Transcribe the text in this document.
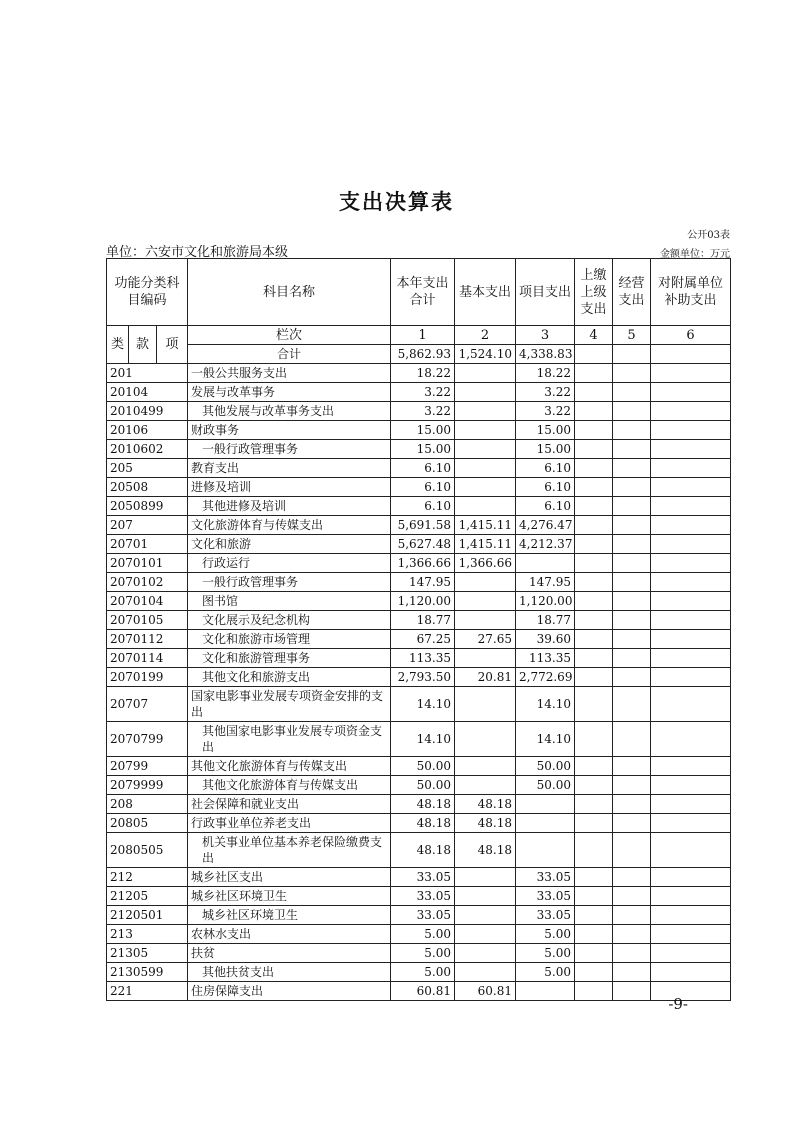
支出决算表
公开03表
单位：六安市文化和旅游局本级	金额单位：万元
功能分类科目编码			科目名称	本年支出合计	基本支出	项目支出	上缴上级支出	经营支出	对附属单位补助支出
类	款	项	栏次	1	2	3	4	5	6
			合计	5,862.93	1,524.10	4,338.83			
201			一般公共服务支出	18.22		18.22			
20104			发展与改革事务	3.22		3.22			
2010499			其他发展与改革事务支出	3.22		3.22			
20106			财政事务	15.00		15.00			
2010602			一般行政管理事务	15.00		15.00			
205			教育支出	6.10		6.10			
20508			进修及培训	6.10		6.10			
2050899			其他进修及培训	6.10		6.10			
207			文化旅游体育与传媒支出	5,691.58	1,415.11	4,276.47			
20701			文化和旅游	5,627.48	1,415.11	4,212.37			
2070101			行政运行	1,366.66	1,366.66				
2070102			一般行政管理事务	147.95		147.95			
2070104			图书馆	1,120.00		1,120.00			
2070105			文化展示及纪念机构	18.77		18.77			
2070112			文化和旅游市场管理	67.25	27.65	39.60			
2070114			文化和旅游管理事务	113.35		113.35			
2070199			其他文化和旅游支出	2,793.50	20.81	2,772.69			
20707			国家电影事业发展专项资金安排的支出	14.10		14.10			
2070799			其他国家电影事业发展专项资金支出	14.10		14.10			
20799			其他文化旅游体育与传媒支出	50.00		50.00			
2079999			其他文化旅游体育与传媒支出	50.00		50.00			
208			社会保障和就业支出	48.18	48.18				
20805			行政事业单位养老支出	48.18	48.18				
2080505			机关事业单位基本养老保险缴费支出	48.18	48.18				
212			城乡社区支出	33.05		33.05			
21205			城乡社区环境卫生	33.05		33.05			
2120501			城乡社区环境卫生	33.05		33.05			
213			农林水支出	5.00		5.00			
21305			扶贫	5.00		5.00			
2130599			其他扶贫支出	5.00		5.00			
221			住房保障支出	60.81	60.81				
-9-
